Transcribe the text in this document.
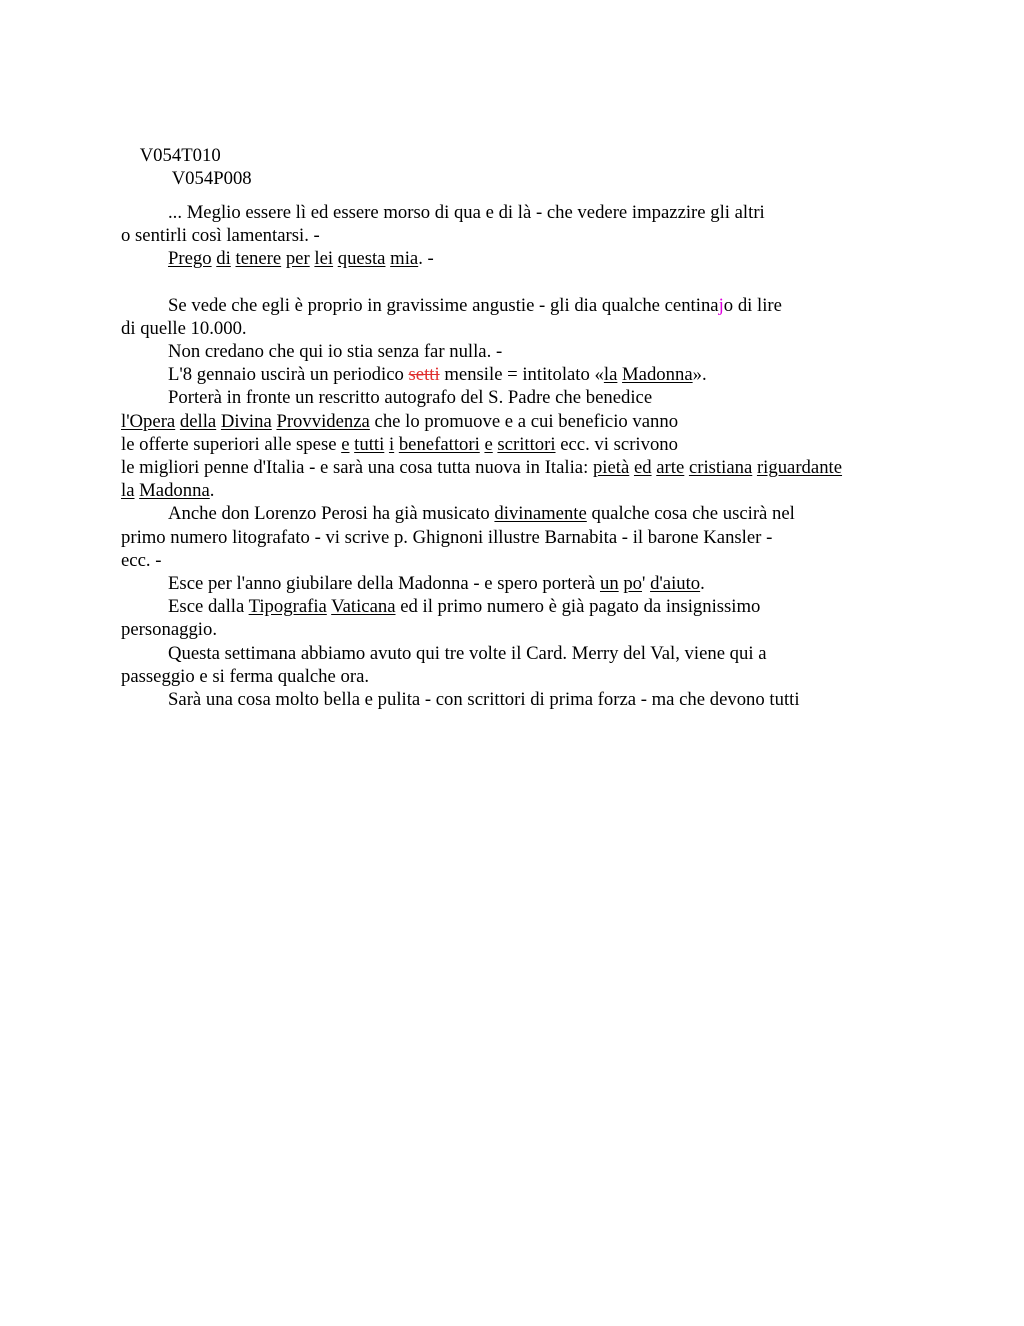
V054T010
V054P008

... Meglio essere lì ed essere morso di qua e di là - che vedere impazzire gli altri
o sentirli così lamentarsi. -

Prego di tenere per lei questa mia. -

Se vede che egli è proprio in gravissime angustie - gli dia qualche centinajo di lire
di quelle 10.000.

Non credano che qui io stia senza far nulla. -

L'8 gennaio uscirà un periodico setti mensile = intitolato «la Madonna».

Porterà in fronte un rescritto autografo del S. Padre che benedice
l'Opera della Divina Provvidenza che lo promuove e a cui beneficio vanno
le offerte superiori alle spese e tutti i benefattori e scrittori ecc. vi scrivono
le migliori penne d'Italia - e sarà una cosa tutta nuova in Italia: pietà ed arte cristiana riguardante
la Madonna.

Anche don Lorenzo Perosi ha già musicato divinamente qualche cosa che uscirà nel
primo numero litografato - vi scrive p. Ghignoni illustre Barnabita - il barone Kansler -
ecc. -

Esce per l'anno giubilare della Madonna - e spero porterà un po' d'aiuto.

Esce dalla Tipografia Vaticana ed il primo numero è già pagato da insignissimo
personaggio.

Questa settimana abbiamo avuto qui tre volte il Card. Merry del Val, viene qui a
passeggio e si ferma qualche ora.

Sarà una cosa molto bella e pulita - con scrittori di prima forza - ma che devono tutti
